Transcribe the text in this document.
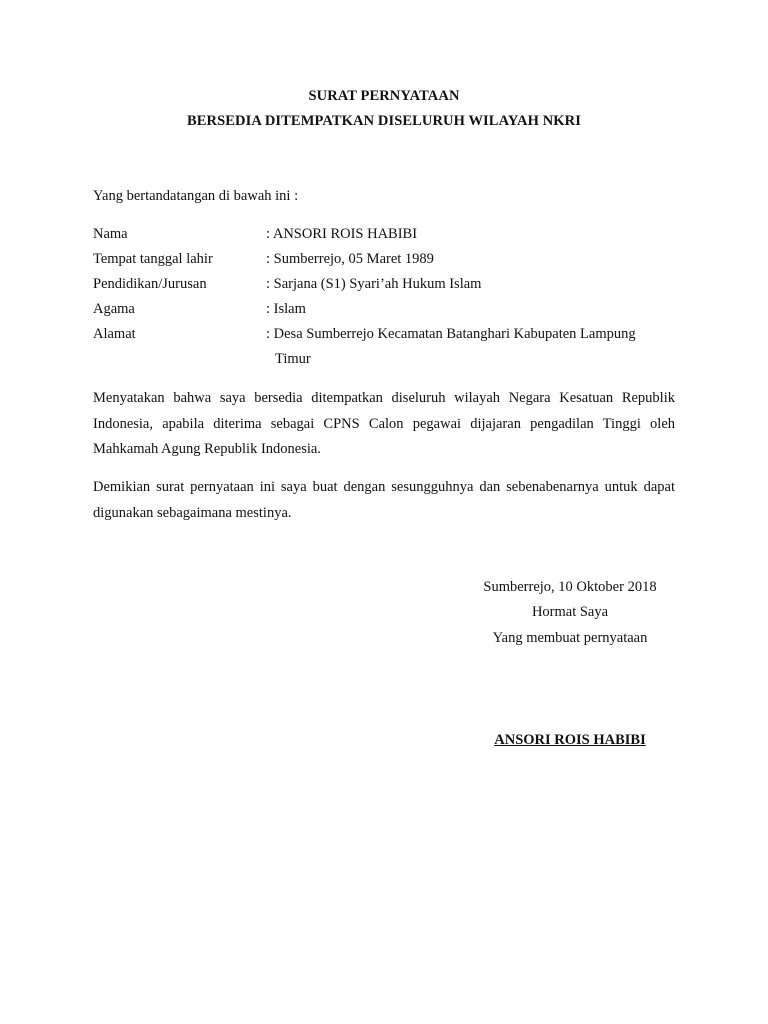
SURAT PERNYATAAN
BERSEDIA DITEMPATKAN DISELURUH WILAYAH NKRI
Yang bertandatangan di bawah ini :
Nama	: ANSORI ROIS HABIBI
Tempat tanggal lahir	: Sumberrejo, 05 Maret 1989
Pendidikan/Jurusan	: Sarjana (S1) Syari’ah Hukum Islam
Agama	: Islam
Alamat	: Desa Sumberrejo Kecamatan Batanghari Kabupaten Lampung
Timur
Menyatakan bahwa saya bersedia ditempatkan diseluruh wilayah Negara Kesatuan Republik Indonesia, apabila diterima sebagai CPNS Calon pegawai dijajaran pengadilan Tinggi oleh Mahkamah Agung Republik Indonesia.
Demikian surat pernyataan ini saya buat dengan sesungguhnya dan sebenabenarnya untuk dapat digunakan sebagaimana mestinya.
Sumberrejo, 10 Oktober 2018
Hormat Saya
Yang membuat pernyataan
ANSORI ROIS HABIBI
